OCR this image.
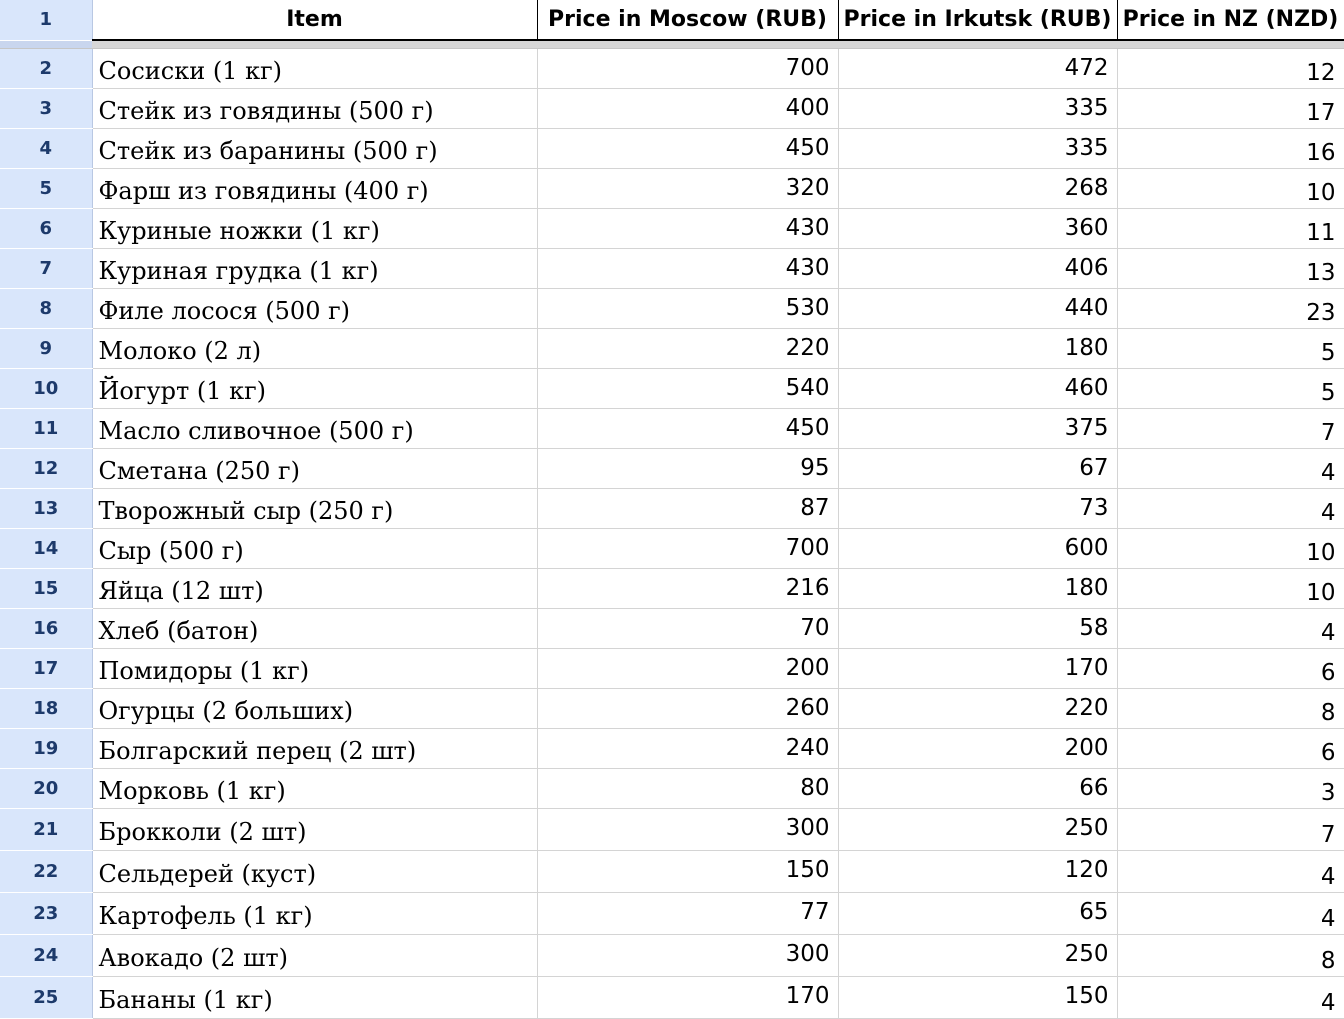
1	Item	Price in Moscow (RUB)	Price in Irkutsk (RUB)	Price in NZ (NZD)

2	Сосиски (1 кг)	700	472	12
3	Стейк из говядины (500 г)	400	335	17
4	Стейк из баранины (500 г)	450	335	16
5	Фарш из говядины (400 г)	320	268	10
6	Куриные ножки (1 кг)	430	360	11
7	Куриная грудка (1 кг)	430	406	13
8	Филе лосося (500 г)	530	440	23
9	Молоко (2 л)	220	180	5
10	Йогурт (1 кг)	540	460	5
11	Масло сливочное (500 г)	450	375	7
12	Сметана (250 г)	95	67	4
13	Творожный сыр (250 г)	87	73	4
14	Сыр (500 г)	700	600	10
15	Яйца (12 шт)	216	180	10
16	Хлеб (батон)	70	58	4
17	Помидоры (1 кг)	200	170	6
18	Огурцы (2 больших)	260	220	8
19	Болгарский перец (2 шт)	240	200	6
20	Морковь (1 кг)	80	66	3
21	Брокколи (2 шт)	300	250	7
22	Сельдерей (куст)	150	120	4
23	Картофель (1 кг)	77	65	4
24	Авокадо (2 шт)	300	250	8
25	Бананы (1 кг)	170	150	4
